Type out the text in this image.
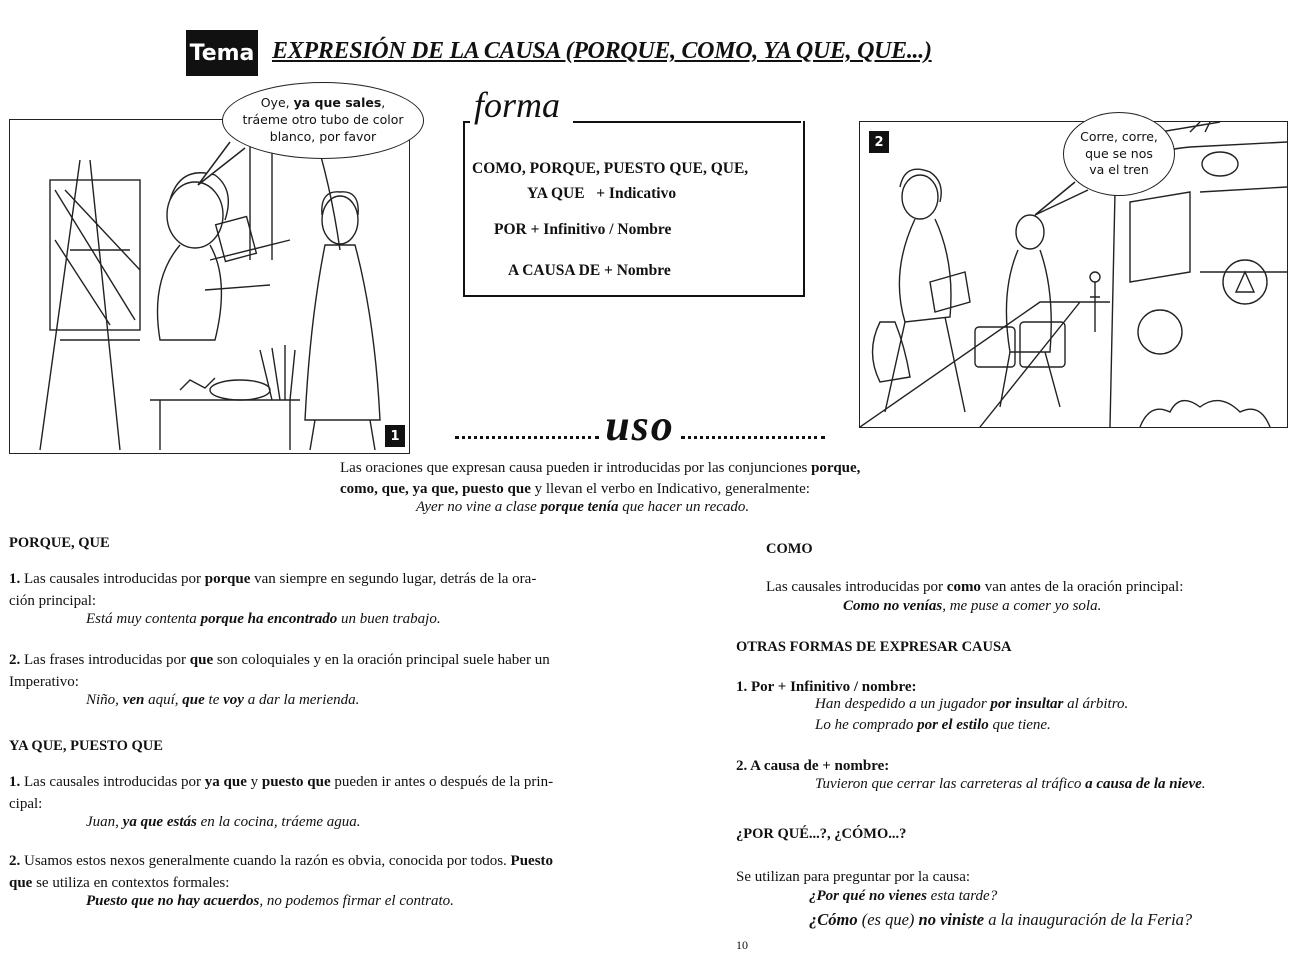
Tema EXPRESIÓN DE LA CAUSA (PORQUE, COMO, YA QUE, QUE...)
1
Oye, ya que sales,
tráeme otro tubo de color
blanco, por favor
forma
COMO, PORQUE, PUESTO QUE, QUE,
YA QUE + Indicativo
POR + Infinitivo / Nombre
A CAUSA DE + Nombre
uso
2	Corre, corre,
que se nos
va el tren
Las oraciones que expresan causa pueden ir introducidas por las conjunciones porque,
como, que, ya que, puesto que y llevan el verbo en Indicativo, generalmente:
Ayer no vine a clase porque tenía que hacer un recado.
PORQUE, QUE
1. Las causales introducidas por porque van siempre en segundo lugar, detrás de la ora-
ción principal:
Está muy contenta porque ha encontrado un buen trabajo.
2. Las frases introducidas por que son coloquiales y en la oración principal suele haber un
Imperativo:
Niño, ven aquí, que te voy a dar la merienda.
YA QUE, PUESTO QUE
1. Las causales introducidas por ya que y puesto que pueden ir antes o después de la prin-
cipal:
Juan, ya que estás en la cocina, tráeme agua.
2. Usamos estos nexos generalmente cuando la razón es obvia, conocida por todos. Puesto
que se utiliza en contextos formales:
Puesto que no hay acuerdos, no podemos firmar el contrato.
COMO
Las causales introducidas por como van antes de la oración principal:
Como no venías, me puse a comer yo sola.
OTRAS FORMAS DE EXPRESAR CAUSA
1. Por + Infinitivo / nombre:
Han despedido a un jugador por insultar al árbitro.
Lo he comprado por el estilo que tiene.
2. A causa de + nombre:
Tuvieron que cerrar las carreteras al tráfico a causa de la nieve.
¿POR QUÉ...?, ¿CÓMO...?
Se utilizan para preguntar por la causa:
¿Por qué no vienes esta tarde?
¿Cómo (es que) no viniste a la inauguración de la Feria?
10
